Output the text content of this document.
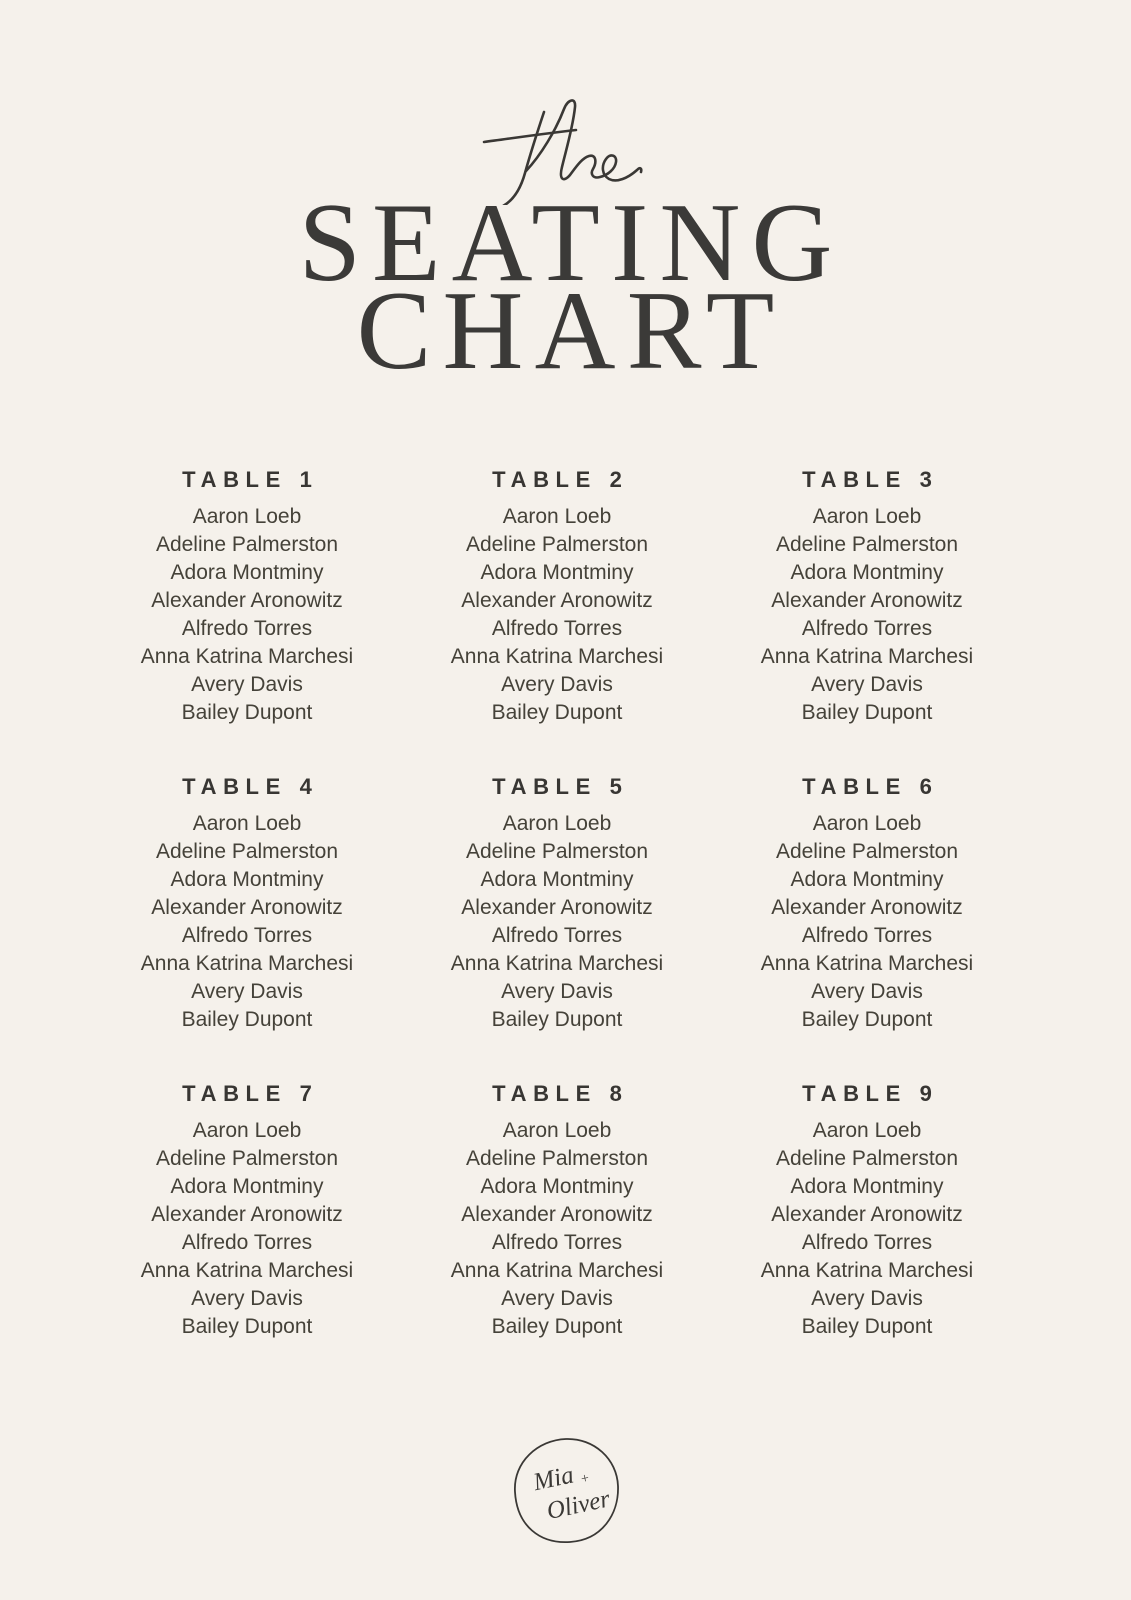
SEATING
CHART
TABLE 1
Aaron Loeb
Adeline Palmerston
Adora Montminy
Alexander Aronowitz
Alfredo Torres
Anna Katrina Marchesi
Avery Davis
Bailey Dupont
TABLE 2
Aaron Loeb
Adeline Palmerston
Adora Montminy
Alexander Aronowitz
Alfredo Torres
Anna Katrina Marchesi
Avery Davis
Bailey Dupont
TABLE 3
Aaron Loeb
Adeline Palmerston
Adora Montminy
Alexander Aronowitz
Alfredo Torres
Anna Katrina Marchesi
Avery Davis
Bailey Dupont
TABLE 4
Aaron Loeb
Adeline Palmerston
Adora Montminy
Alexander Aronowitz
Alfredo Torres
Anna Katrina Marchesi
Avery Davis
Bailey Dupont
TABLE 5
Aaron Loeb
Adeline Palmerston
Adora Montminy
Alexander Aronowitz
Alfredo Torres
Anna Katrina Marchesi
Avery Davis
Bailey Dupont
TABLE 6
Aaron Loeb
Adeline Palmerston
Adora Montminy
Alexander Aronowitz
Alfredo Torres
Anna Katrina Marchesi
Avery Davis
Bailey Dupont
TABLE 7
Aaron Loeb
Adeline Palmerston
Adora Montminy
Alexander Aronowitz
Alfredo Torres
Anna Katrina Marchesi
Avery Davis
Bailey Dupont
TABLE 8
Aaron Loeb
Adeline Palmerston
Adora Montminy
Alexander Aronowitz
Alfredo Torres
Anna Katrina Marchesi
Avery Davis
Bailey Dupont
TABLE 9
Aaron Loeb
Adeline Palmerston
Adora Montminy
Alexander Aronowitz
Alfredo Torres
Anna Katrina Marchesi
Avery Davis
Bailey Dupont
Mia +
Oliver
